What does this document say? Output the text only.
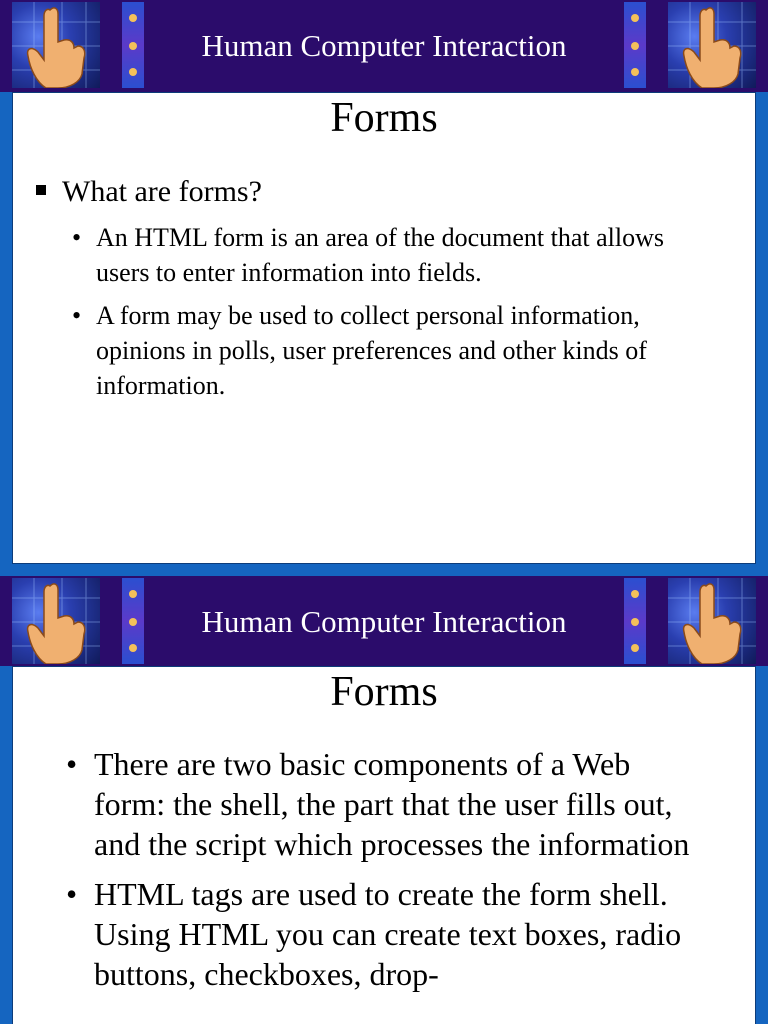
Human Computer Interaction
Forms
What are forms?
• An HTML form is an area of the document that allows users to enter information into fields.
• A form may be used to collect personal information, opinions in polls, user preferences and other kinds of information.
Human Computer Interaction
Forms
• There are two basic components of a Web form: the shell, the part that the user fills out, and the script which processes the information
• HTML tags are used to create the form shell. Using HTML you can create text boxes, radio buttons, checkboxes, drop-
